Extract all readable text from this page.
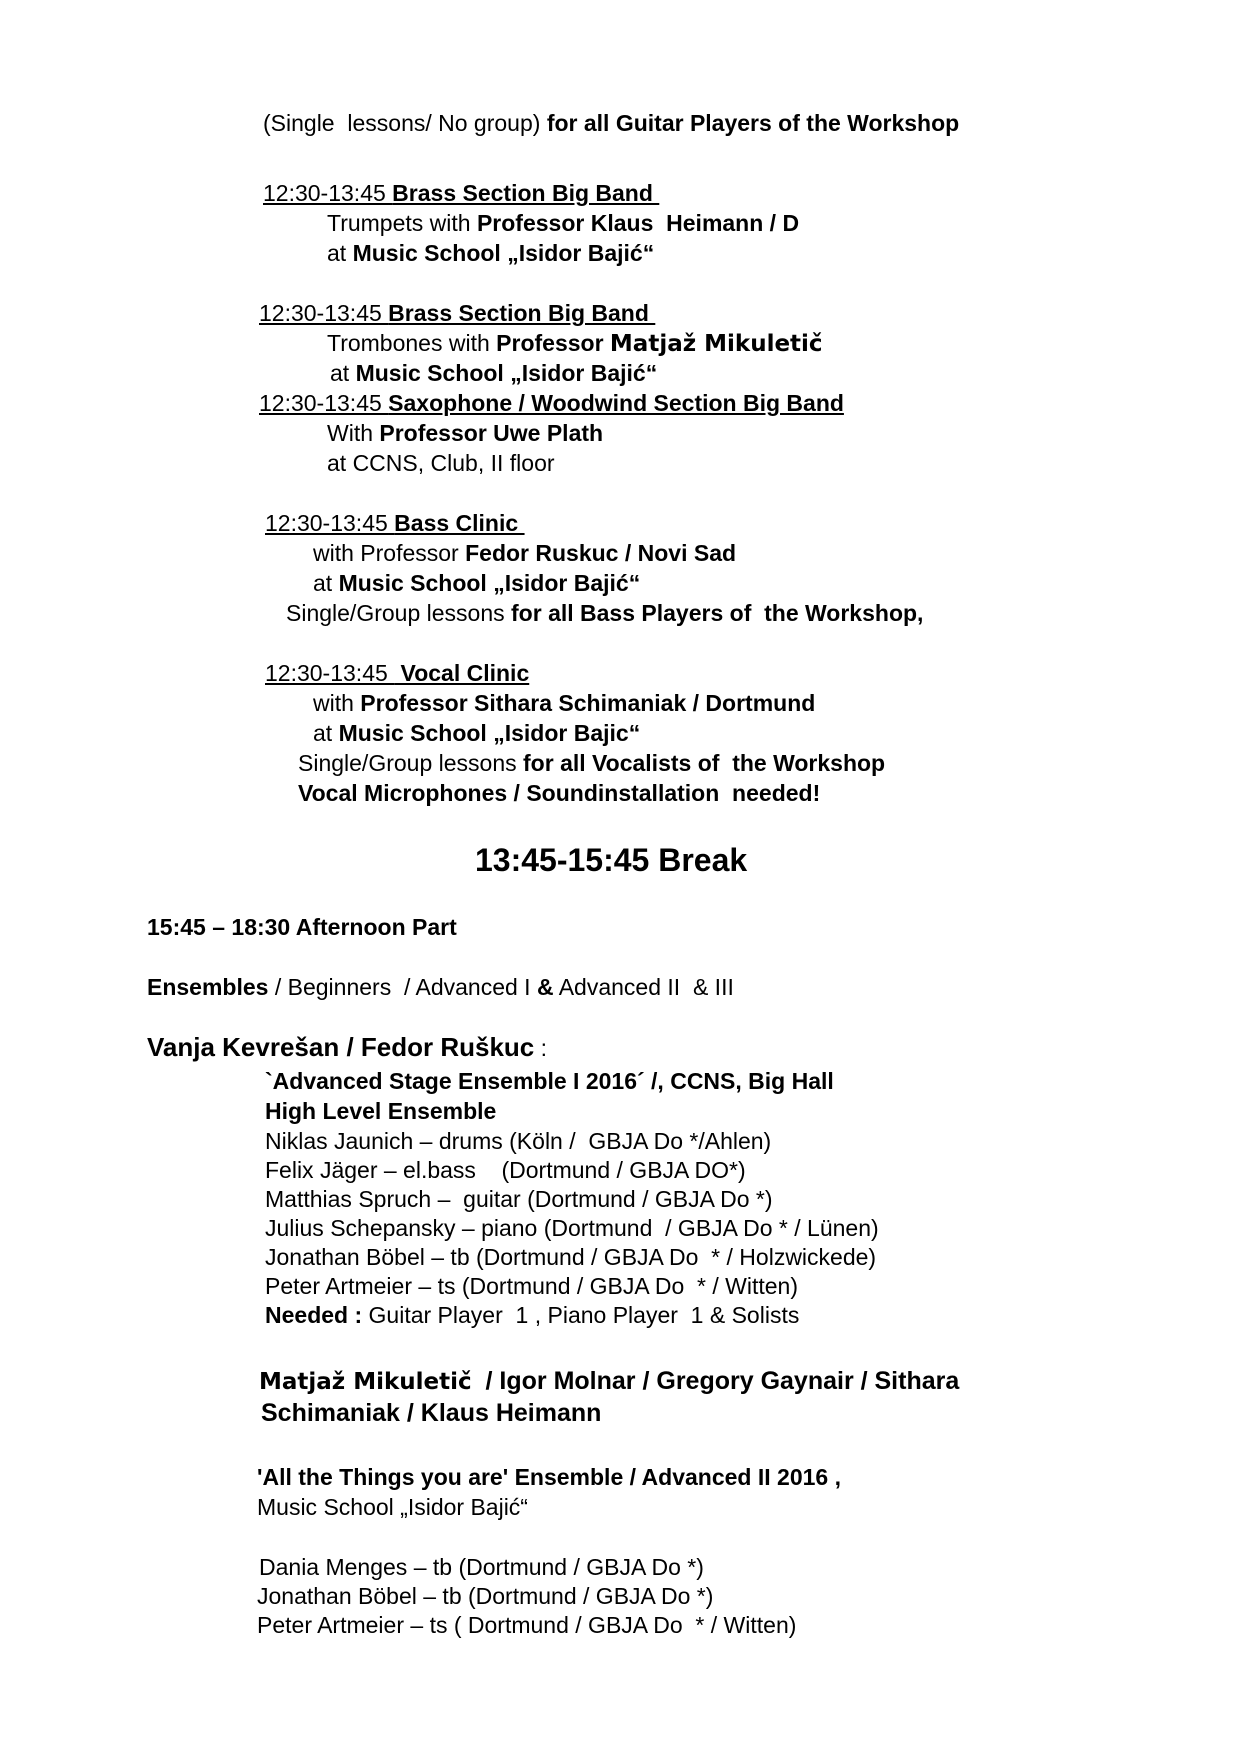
(Single  lessons/ No group) for all Guitar Players of the Workshop
12:30-13:45 Brass Section Big Band
Trumpets with Professor Klaus  Heimann / D
at Music School „Isidor Bajić“
12:30-13:45 Brass Section Big Band
Trombones with Professor Matjaž Mikuletič
at Music School „Isidor Bajić“
12:30-13:45 Saxophone / Woodwind Section Big Band
With Professor Uwe Plath
at CCNS, Club, II floor
12:30-13:45 Bass Clinic
with Professor Fedor Ruskuc / Novi Sad
at Music School „Isidor Bajić“
Single/Group lessons for all Bass Players of  the Workshop,
12:30-13:45  Vocal Clinic
with Professor Sithara Schimaniak / Dortmund
at Music School „Isidor Bajic“
Single/Group lessons for all Vocalists of  the Workshop
Vocal Microphones / Soundinstallation  needed!
13:45-15:45 Break
15:45 – 18:30 Afternoon Part
Ensembles / Beginners  / Advanced I & Advanced II  & III
Vanja Kevrešan / Fedor Ruškuc :
`Advanced Stage Ensemble I 2016´ /, CCNS, Big Hall
High Level Ensemble
Niklas Jaunich – drums (Köln /  GBJA Do */Ahlen)
Felix Jäger – el.bass    (Dortmund / GBJA DO*)
Matthias Spruch –  guitar (Dortmund / GBJA Do *)
Julius Schepansky – piano (Dortmund  / GBJA Do * / Lünen)
Jonathan Böbel – tb (Dortmund / GBJA Do  * / Holzwickede)
Peter Artmeier – ts (Dortmund / GBJA Do  * / Witten)
Needed : Guitar Player  1 , Piano Player  1 & Solists
Matjaž Mikuletič  / Igor Molnar / Gregory Gaynair / Sithara
Schimaniak / Klaus Heimann
'All the Things you are' Ensemble / Advanced II 2016 ,
Music School „Isidor Bajić“
Dania Menges – tb (Dortmund / GBJA Do *)
Jonathan Böbel – tb (Dortmund / GBJA Do *)
Peter Artmeier – ts ( Dortmund / GBJA Do  * / Witten)
